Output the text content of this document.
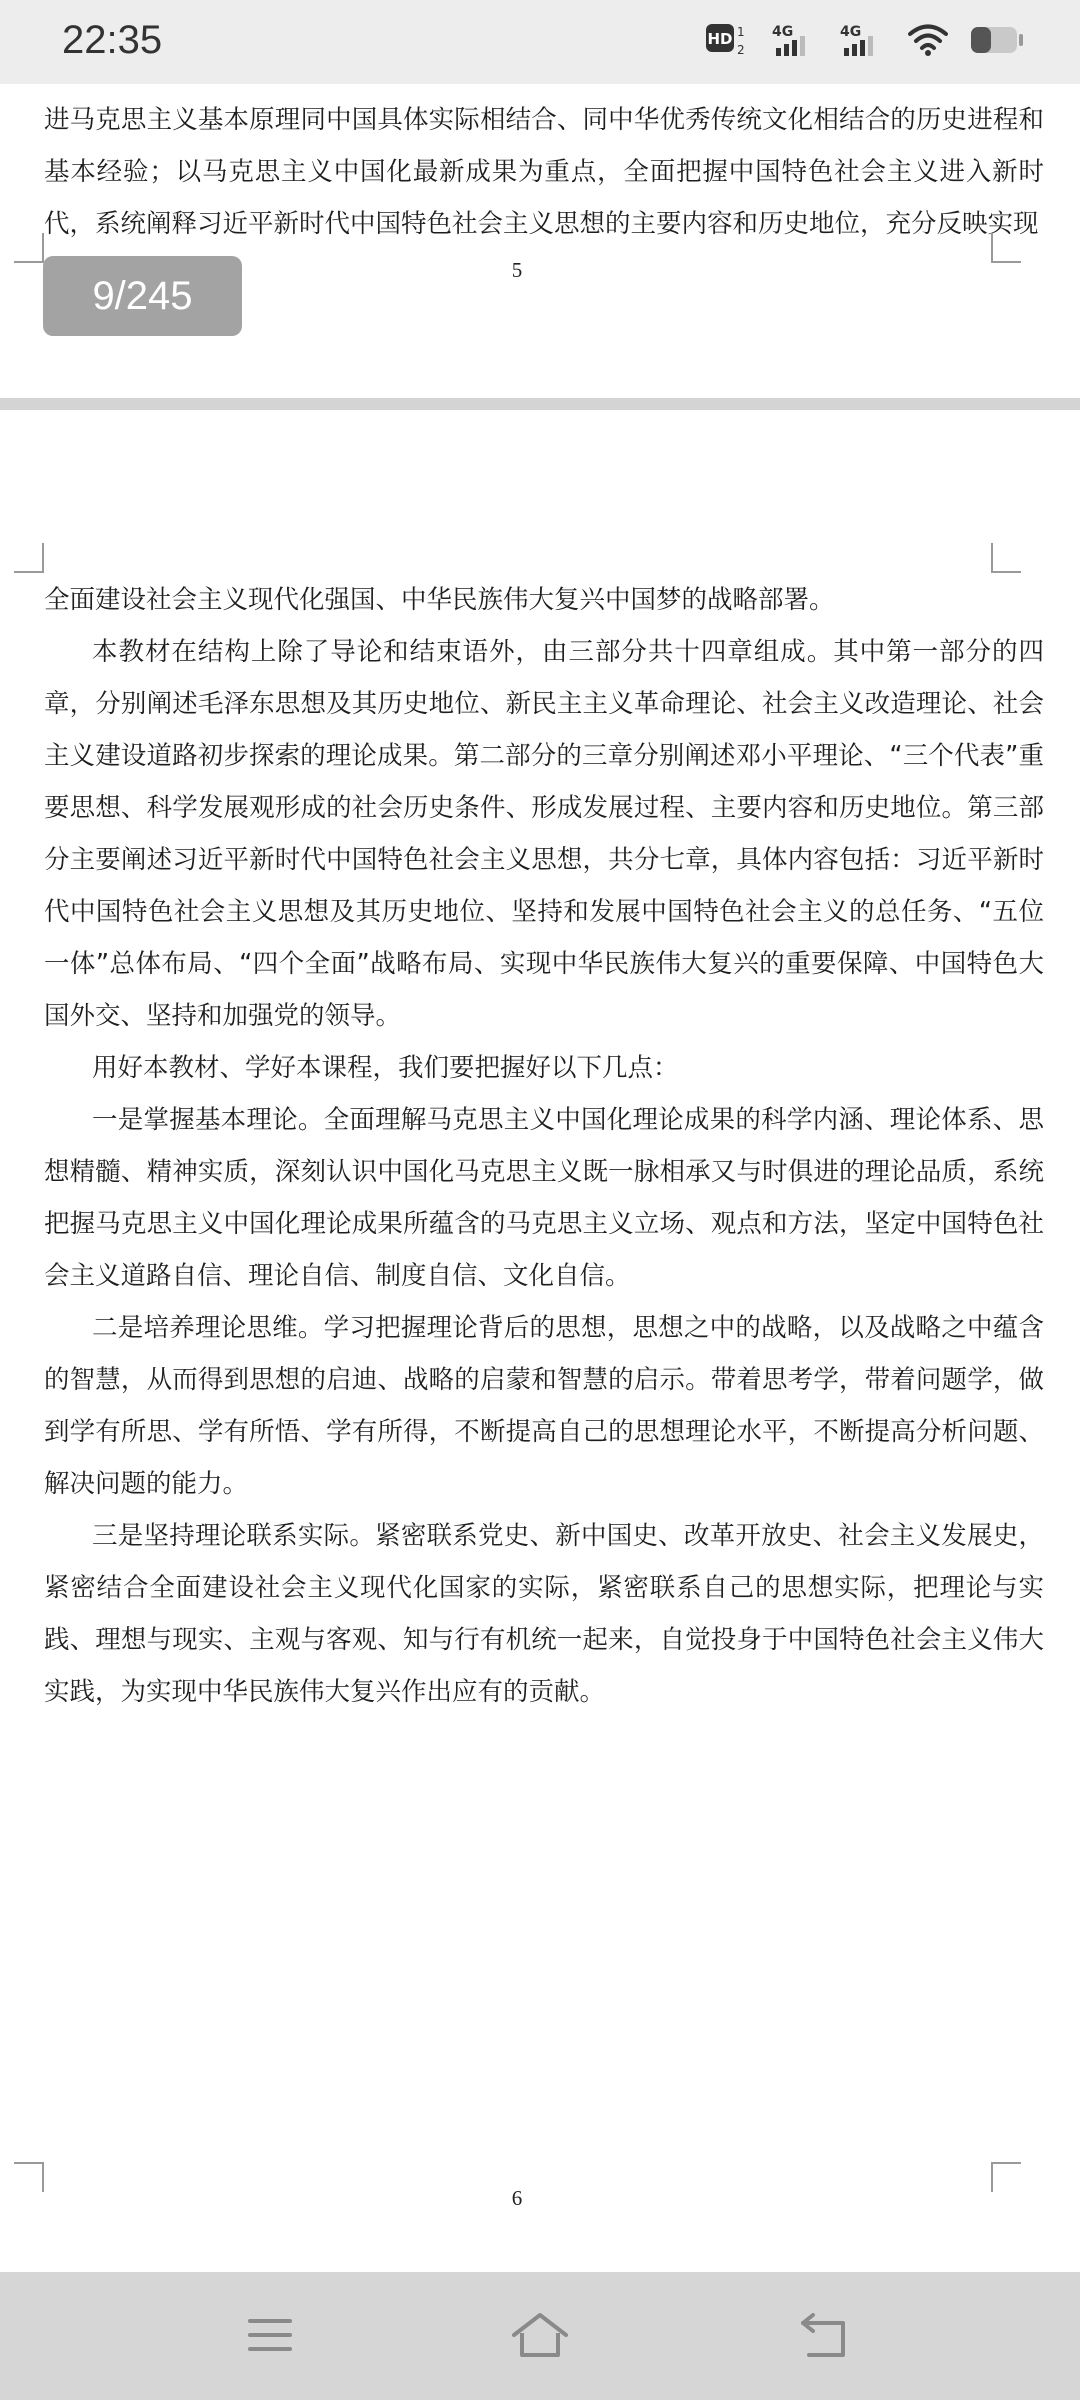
22:35	HD 1
2
4G	4G

进马克思主义基本原理同中国具体实际相结合、同中华优秀传统文化相结合的历史进程和基本经验；以马克思主义中国化最新成果为重点，全面把握中国特色社会主义进入新时代，系统阐释习近平新时代中国特色社会主义思想的主要内容和历史地位，充分反映实现

5
9/245

全面建设社会主义现代化强国、中华民族伟大复兴中国梦的战略部署。

本教材在结构上除了导论和结束语外，由三部分共十四章组成。其中第一部分的四章，分别阐述毛泽东思想及其历史地位、新民主主义革命理论、社会主义改造理论、社会主义建设道路初步探索的理论成果。第二部分的三章分别阐述邓小平理论、“三个代表”重要思想、科学发展观形成的社会历史条件、形成发展过程、主要内容和历史地位。第三部分主要阐述习近平新时代中国特色社会主义思想，共分七章，具体内容包括：习近平新时代中国特色社会主义思想及其历史地位、坚持和发展中国特色社会主义的总任务、“五位一体”总体布局、“四个全面”战略布局、实现中华民族伟大复兴的重要保障、中国特色大国外交、坚持和加强党的领导。

用好本教材、学好本课程，我们要把握好以下几点：

一是掌握基本理论。全面理解马克思主义中国化理论成果的科学内涵、理论体系、思想精髓、精神实质，深刻认识中国化马克思主义既一脉相承又与时俱进的理论品质，系统把握马克思主义中国化理论成果所蕴含的马克思主义立场、观点和方法，坚定中国特色社会主义道路自信、理论自信、制度自信、文化自信。

二是培养理论思维。学习把握理论背后的思想，思想之中的战略，以及战略之中蕴含的智慧，从而得到思想的启迪、战略的启蒙和智慧的启示。带着思考学，带着问题学，做到学有所思、学有所悟、学有所得，不断提高自己的思想理论水平，不断提高分析问题、解决问题的能力。

三是坚持理论联系实际。紧密联系党史、新中国史、改革开放史、社会主义发展史，紧密结合全面建设社会主义现代化国家的实际，紧密联系自己的思想实际，把理论与实践、理想与现实、主观与客观、知与行有机统一起来，自觉投身于中国特色社会主义伟大实践，为实现中华民族伟大复兴作出应有的贡献。

6
